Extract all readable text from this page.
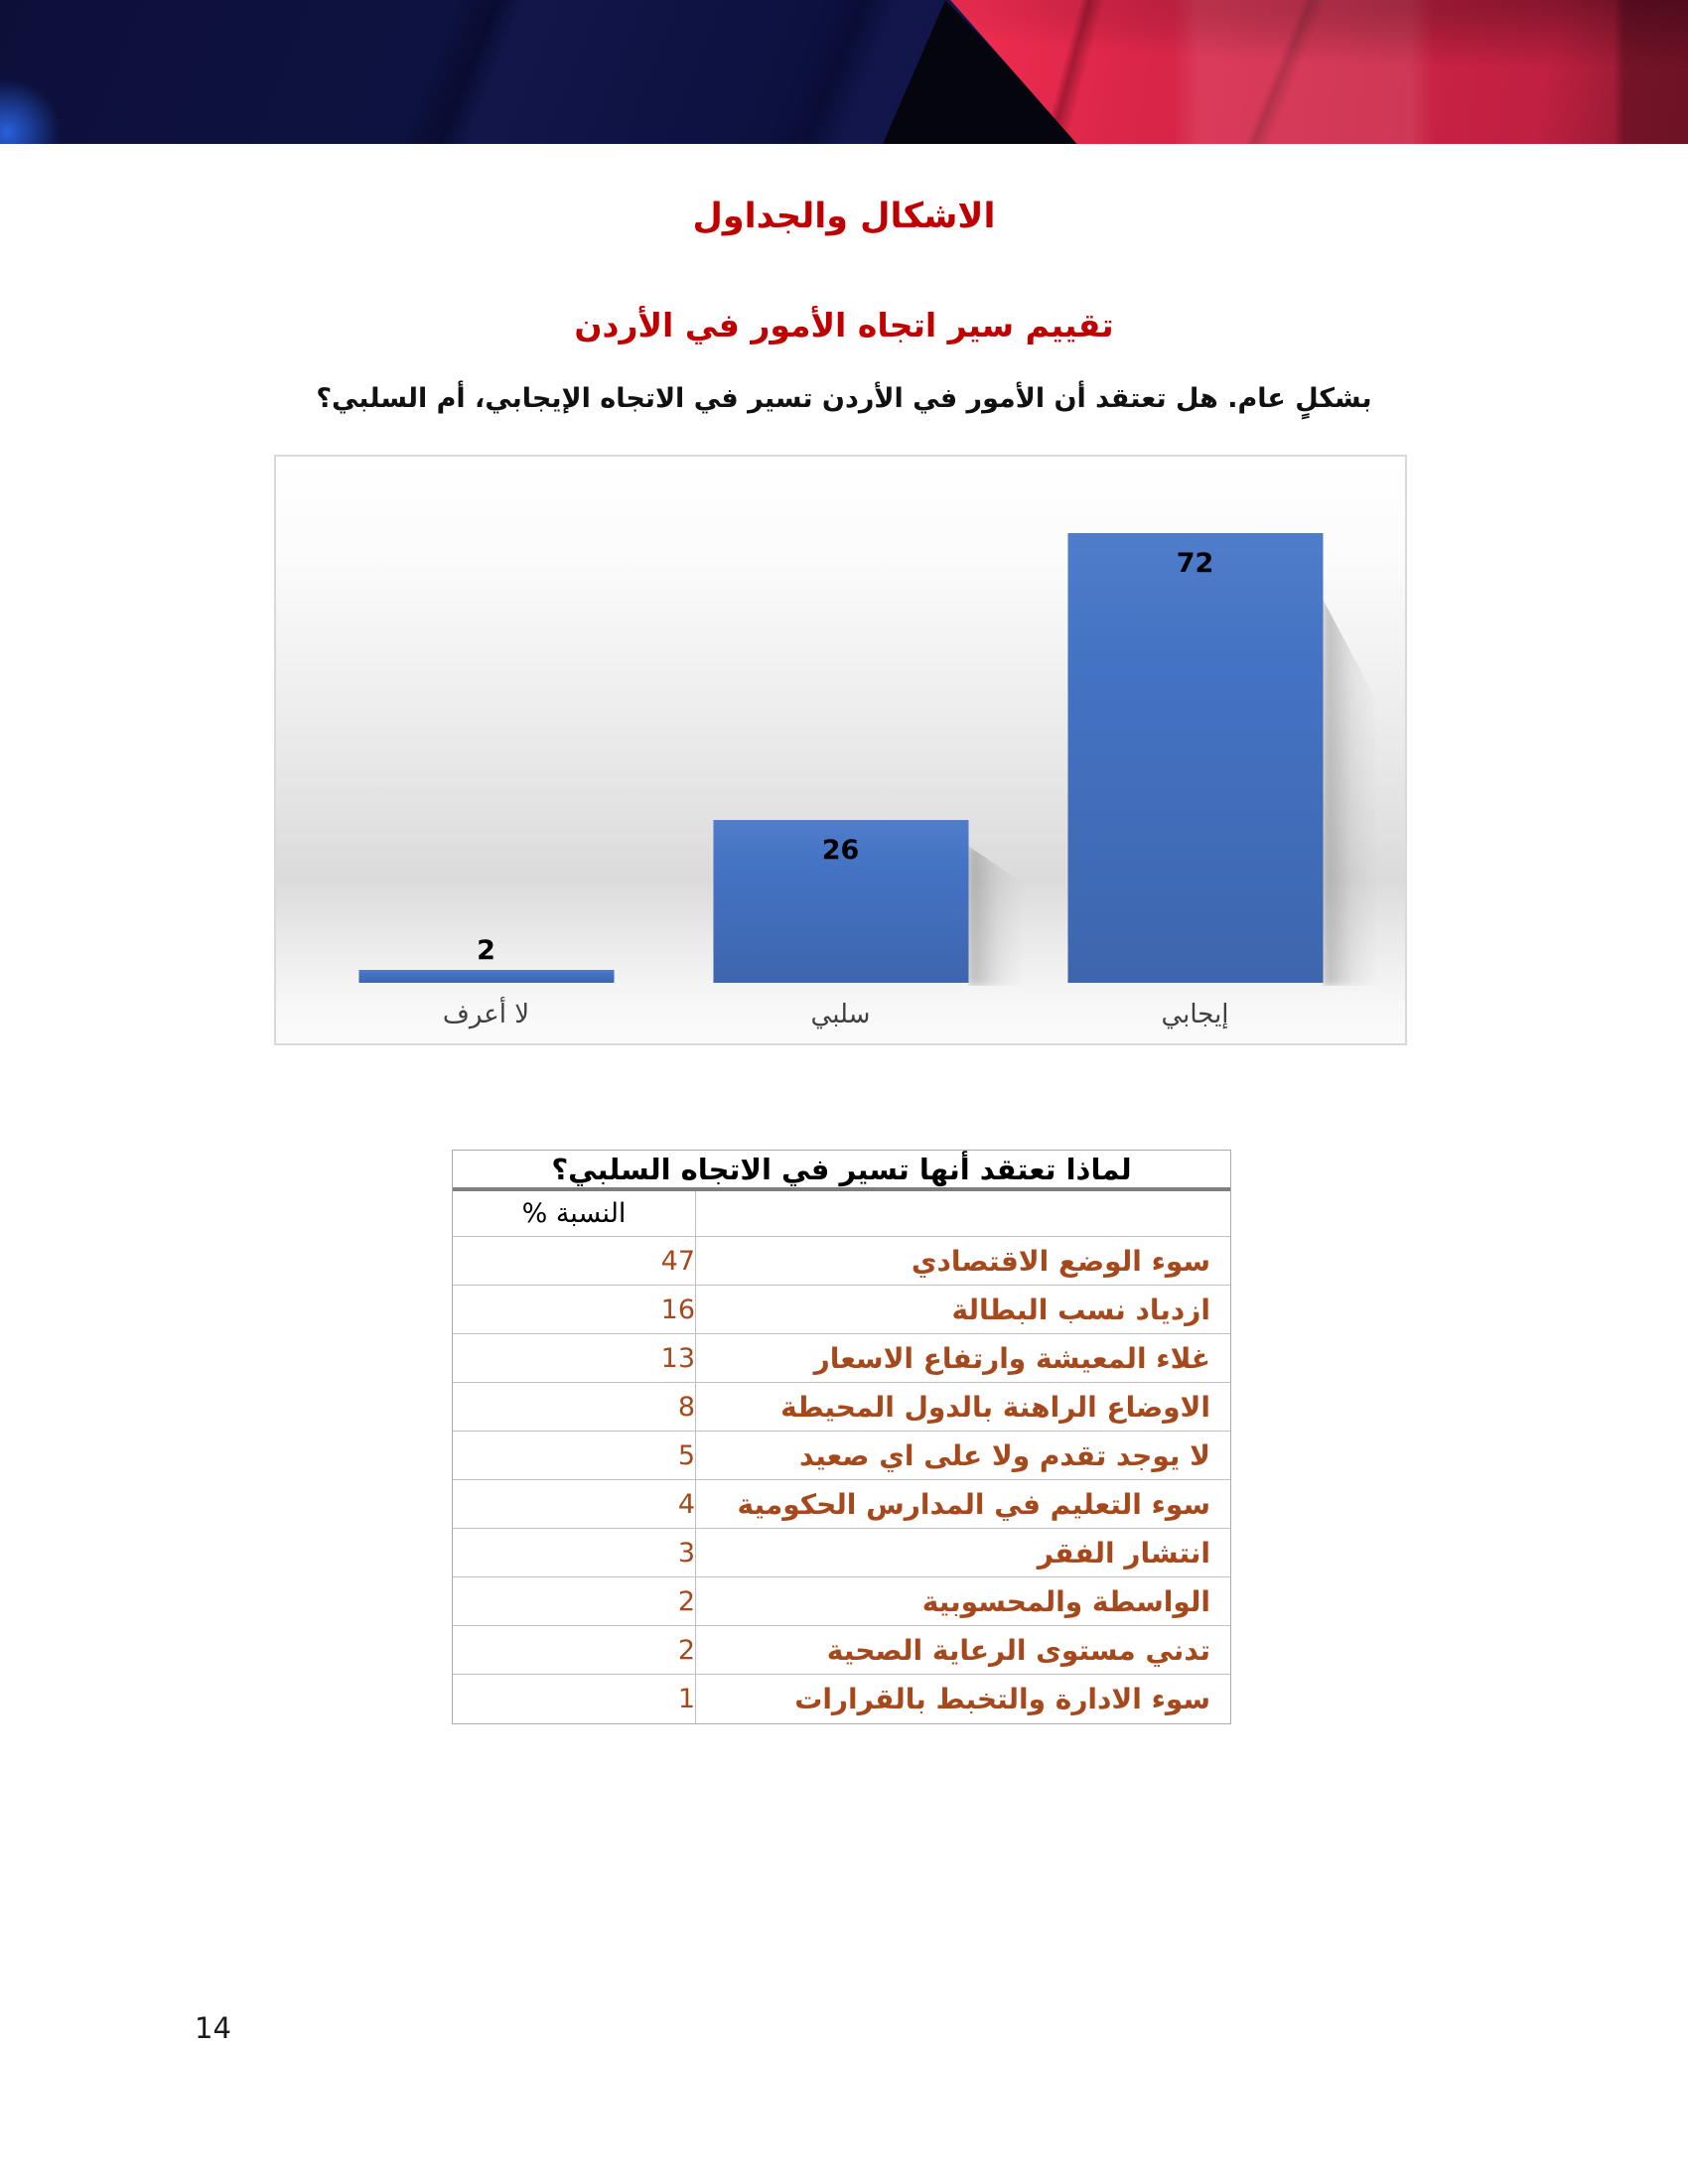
الاشكال والجداول
تقييم سير اتجاه الأمور في الأردن
بشكلٍ عام. هل تعتقد أن الأمور في الأردن تسير في الاتجاه الإيجابي، أم السلبي؟
72
إيجابي
26
سلبي
2
لا أعرف
لماذا تعتقد أنها تسير في الاتجاه السلبي؟
النسبة %
سوء الوضع الاقتصادي
47
ازدياد نسب البطالة
16
غلاء المعيشة وارتفاع الاسعار
13
الاوضاع الراهنة بالدول المحيطة
8
لا يوجد تقدم ولا على اي صعيد
5
سوء التعليم في المدارس الحكومية
4
انتشار الفقر
3
الواسطة والمحسوبية
2
تدني مستوى الرعاية الصحية
2
سوء الادارة والتخبط بالقرارات
1
14
